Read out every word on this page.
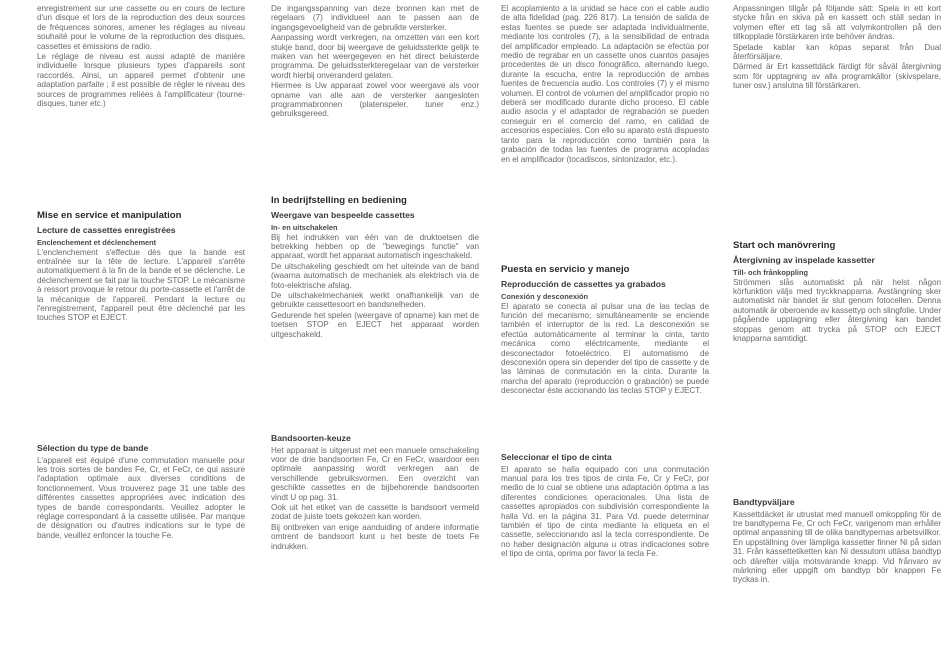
enregistrement sur une cassette ou en cours de lecture d'un disque et lors de la reproduction des deux sources de fréquences sonores, amener les réglages au niveau souhaité pour le volume de la reproduction des disques, cassettes et émissions de radio.

Le réglage de niveau est aussi adapté de manière individuelle lorsque plusieurs types d'appareils sont raccordés. Ainsi, un appareil permet d'obtenir une adaptation parfaite ; il est possible de régler le niveau des sources de programmes reliées à l'amplificateur (tourne-disques, tuner etc.)

Mise en service et manipulation
Lecture de cassettes enregistrées
Enclenchement et déclenchement

L'enclenchement s'effectue dès que la bande est entraînée sur la tête de lecture. L'appareil s'arrête automatiquement à la fin de la bande et se déclenche. Le déclenchement se fait par la touche STOP. Le mécanisme à ressort provoque le retour du porte-cassette et l'arrêt de la mécanique de l'appareil. Pendant la lecture ou l'enregistrement, l'appareil peut être déclenché par les touches STOP et EJECT.

Sélection du type de bande

L'appareil est équipé d'une commutation manuelle pour les trois sortes de bandes Fe, Cr, et FeCr, ce qui assure l'adaptation optimale aux diverses conditions de fonctionnement. Vous trouverez page 31 une table des différentes cassettes appropriées avec indication des types de bande correspondants. Veuillez adopter le réglage correspondant à la cassette utilisée. Par manque de désignation ou d'autres indications sur le type de bande, veuillez enfoncer la touche Fe.

De ingangsspanning van deze bronnen kan met de regelaars (7) individueel aan te passen aan de ingangsgevoeligheid van de gebruikte versterker.

Aanpassing wordt verkregen, na omzetten van een kort stukje band, door bij weergave de geluidssterkte gelijk te maken van het weergegeven en het direct beluisterde programma. De geluidssterkteregelaar van de versterker wordt hierbij onveranderd gelaten.

Hiermee is Uw apparaat zowel voor weergave als voor opname van alle aan de versterker aangesloten programmabronnen (platenspeler, tuner enz.) gebruiksgereed.

In bedrijfstelling en bediening
Weergave van bespeelde cassettes
In- en uitschakelen

Bij het indrukken van één van de druktoetsen die betrekking hebben op de "bewegings functie" van apparaat, wordt het apparaat automatisch ingeschakeld.

De uitschakeling geschiedt om het uiteinde van de band (waarna automatisch de mechaniek als elektrisch via de foto-elektrische afslag.

De uitschakelmechaniek werkt onafhankelijk van de gebruikte cassettesoort en bandsnelheden.

Gedurende het spelen (weergave of opname) kan met de toetsen STOP en EJECT het apparaat worden uitgeschakeld.

Bandsoorten-keuze

Het apparaat is uitgerust met een manuele omschakeling voor de drie bandsoorten Fe, Cr en FeCr, waardoor een optimale aanpassing wordt verkregen aan de verschillende gebruiksvormen. Een overzicht van geschikte cassettes en de bijbehorende bandsoorten vindt U op pag. 31.

Ook uit het etiket van de cassette is bandsoort vermeld zodat de juiste toets gekozen kan worden.

Bij ontbreken van enige aanduiding of andere informatie omtrent de bandsoort kunt u het beste de toets Fe indrukken.

El acoplamiento a la unidad se hace con el cable audio de alta fidelidad (pag. 226 817). La tensión de salida de estas fuentes se puede ser adaptada individualmente, mediante los controles (7), a la sensibilidad de entrada del amplificador empleado. La adaptación se efectúa por medio de regrabar en un cassette unos cuantos pasajes procedentes de un disco fonográfico, alternando luego, durante la escucha, entre la reproducción de ambas fuentes de frecuencia audio. Los controles (7) y el mismo volumen. El control de volumen del amplificador propio no deberá ser modificado durante dicho proceso. El cable audio asocia y el adaptador de regrabación se pueden conseguir en el comercio del ramo, en calidad de accesorios especiales. Con ello su aparato está dispuesto tanto para la reproducción como también para la grabación de todas las fuentes de programa acopladas en el amplificador (tocadiscos, sintonizador, etc.).

Puesta en servicio y manejo
Reproducción de cassettes ya grabados
Conexión y desconexión

El aparato se conecta al pulsar una de las teclas de función del mecanismo; simultáneamente se enciende también el interruptor de la red. La desconexión se efectúa automáticamente al terminar la cinta, tanto mecánica como eléctricamente, mediante el desconectador fotoeléctrico. El automatismo de desconexión opera sin depender del tipo de cassette y de las láminas de conmutación en la cinta. Durante la marcha del aparato (reproducción o grabación) se puede desconectar éste accionando las teclas STOP y EJECT.

Seleccionar el tipo de cinta

El aparato se halla equipado con una conmutación manual para los tres tipos de cinta Fe, Cr y FeCr, por medio de lo cual se obtiene una adaptación óptima a las diferentes condiciones operacionales. Una lista de cassettes apropiados con subdivisión correspondiente la halla Vd. en la página 31. Para Vd. puede determinar también el tipo de cinta mediante la etiqueta en el cassette, seleccionando así la tecla correspondiente. De no haber designación alguna u otras indicaciones sobre el tipo de cinta, oprima por favor la tecla Fe.

Anpassningen tillgår på följande sätt: Spela in ett kort stycke från en skiva på en kassett och ställ sedan in volymen efter ett tag så att volymkontrollen på den tillkopplade förstärkaren inte behöver ändras.

Spelade kablar kan köpas separat från Dual återförsäljare.

Därmed är Ert kassettdäck färdigt för såväl återgivning som för upptagning av alla programkällor (skivspelare, tuner osv.) anslutna till förstärkaren.

Start och manövrering
Återgivning av inspelade kassetter
Till- och frånkoppling

Strömmen slås automatiskt på när helst någon körfunktion väljs med tryckknapparna. Avstängning sker automatiskt när bandet är slut genom fotocellen. Denna automatik är oberoende av kassettyp och slingfolie. Under pågående upptagning eller återgivning kan bandet stoppas genom att trycka på STOP och EJECT knapparna samtidigt.

Bandtypväljare

Kassettdäcket är utrustat med manuell omkoppling för de tre bandtyperna Fe, Cr och FeCr, varigenom man erhåller optimal anpassning till de olika bandtypernas arbetsvillkor. En uppställning över lämpliga kassetter finner Ni på sidan 31. Från kassettetiketten kan Ni dessutom utläsa bandtyp och därefter välja motsvarande knapp. Vid frånvaro av märkning eller uppgift om bandtyp bör knappen Fe tryckas in.
